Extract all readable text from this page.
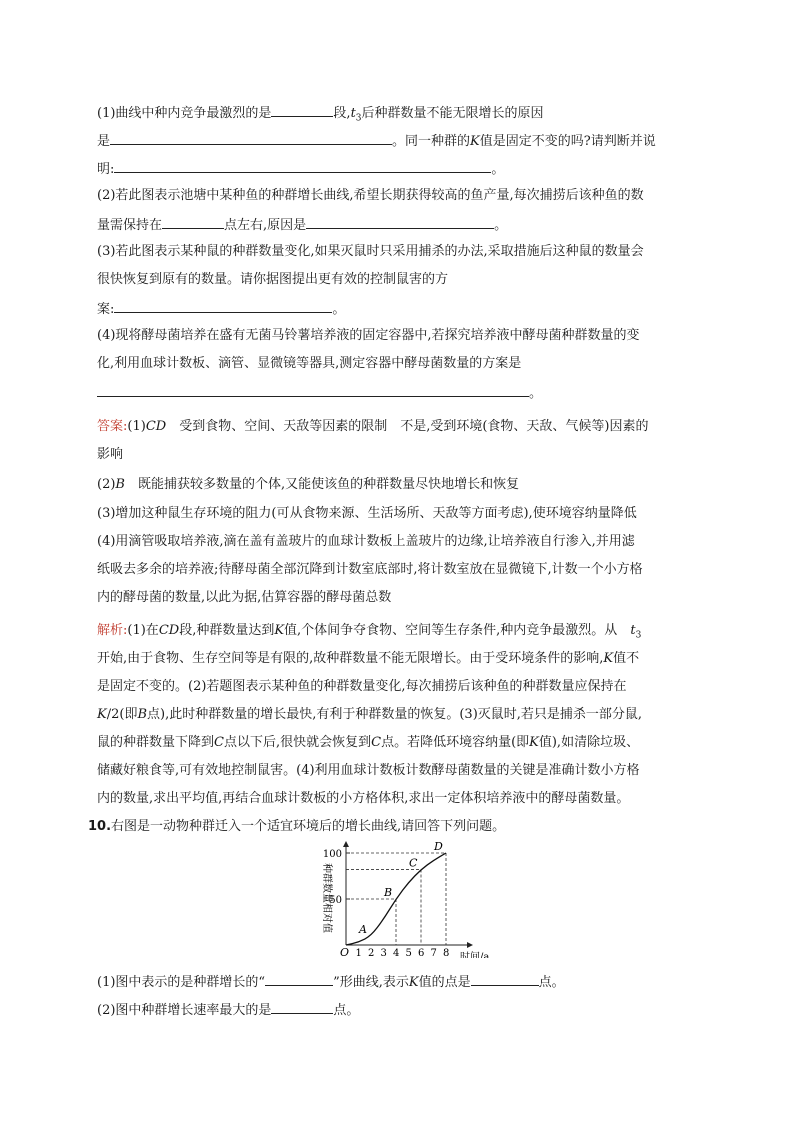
(1)曲线中种内竞争最激烈的是	段$,t_3$后种群数量不能无限增长的原因
是	。同一种群的K值是固定不变的吗?请判断并说
明:	。
(2)若此图表示池塘中某种鱼的种群增长曲线,希望长期获得较高的鱼产量,每次捕捞后该种鱼的数
量需保持在	点左右,原因是	。
(3)若此图表示某种鼠的种群数量变化,如果灭鼠时只采用捕杀的办法,采取措施后这种鼠的数量会
很快恢复到原有的数量。请你据图提出更有效的控制鼠害的方
案:	。
(4)现将酵母菌培养在盛有无菌马铃薯培养液的固定容器中,若探究培养液中酵母菌种群数量的变
化,利用血球计数板、滴管、显微镜等器具,测定容器中酵母菌数量的方案是
。
答案:(1)CD　 受到食物、空间、天敌等因素的限制　不是,受到环境(食物、天敌、气候等)因素的
影响
(2)B　 既能捕获较多数量的个体,又能使该鱼的种群数量尽快地增长和恢复
(3)增加这种鼠生存环境的阻力(可从食物来源、生活场所、天敌等方面考虑),使环境容纳量降低
(4)用滴管吸取培养液,滴在盖有盖玻片的血球计数板上盖玻片的边缘,让培养液自行渗入,并用滤
纸吸去多余的培养液;待酵母菌全部沉降到计数室底部时,将计数室放在显微镜下,计数一个小方格
内的酵母菌的数量,以此为据,估算容器的酵母菌总数
解析:(1)在CD段,种群数量达到K值,个体间争夺食物、空间等生存条件,种内竞争最激烈。从　 $t_3$
开始,由于食物、生存空间等是有限的,故种群数量不能无限增长。由于受环境条件的影响,K值不
是固定不变的。(2)若题图表示某种鱼的种群数量变化,每次捕捞后该种鱼的种群数量应保持在
K/2(即B点),此时种群数量的增长最快,有利于种群数量的恢复。(3)灭鼠时,若只是捕杀一部分鼠,
鼠的种群数量下降到C点以下后,很快就会恢复到C点。若降低环境容纳量(即K值),如清除垃圾、
储藏好粮食等,可有效地控制鼠害。(4)利用血球计数板计数酵母菌数量的关键是准确计数小方格
内的数量,求出平均值,再结合血球计数板的小方格体积,求出一定体积培养液中的酵母菌数量。
10.右图是一动物种群迁入一个适宜环境后的增长曲线,请回答下列问题。
种群数量相对值
O	时间/a
1 2 3 4 5 6 7 8
50
100
A
B
C
D
(1)图中表示的是种群增长的“	”形曲线,表示K值的点是	点。
(2)图中种群增长速率最大的是	点。
